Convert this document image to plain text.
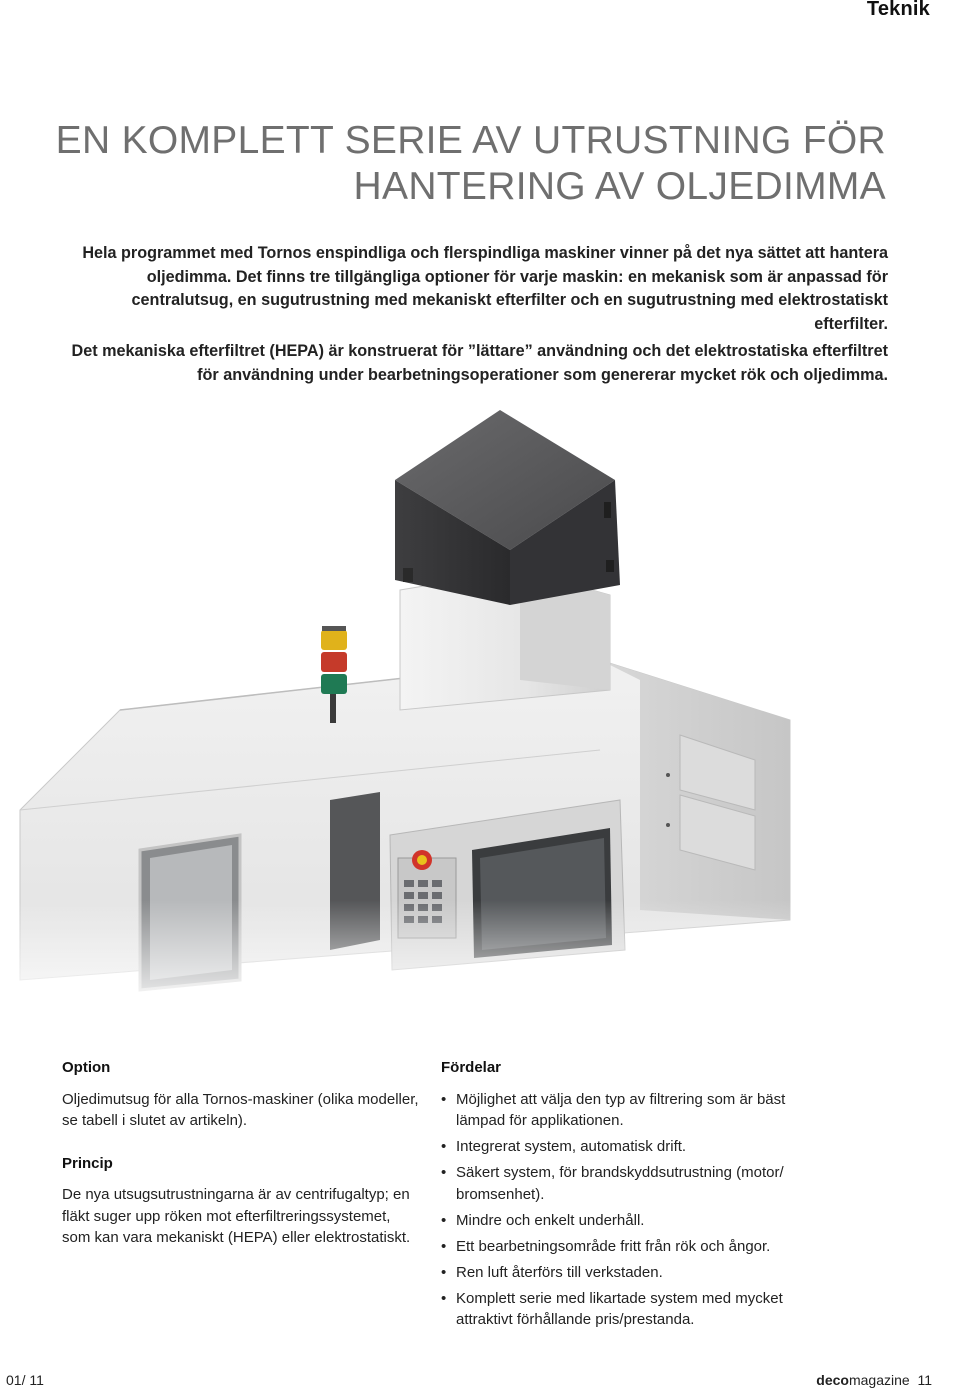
Teknik
EN KOMPLETT SERIE AV UTRUSTNING FÖR
HANTERING AV OLJEDIMMA

Hela programmet med Tornos enspindliga och flerspindliga maskiner vinner på det nya sättet att hantera oljedimma. Det finns tre tillgängliga optioner för varje maskin: en mekanisk som är anpassad för centralutsug, en sugutrustning med mekaniskt efterfilter och en sugutrustning med elektrostatiskt efterfilter.

Det mekaniska efterfiltret (HEPA) är konstruerat för ”lättare” användning och det elektrostatiska efterfiltret för användning under bearbetningsoperationer som genererar mycket rök och oljedimma.

Option

Oljedimutsug för alla Tornos-maskiner (olika modeller, se tabell i slutet av artikeln).

Princip

De nya utsugsutrustningarna är av centrifugaltyp; en fläkt suger upp röken mot efterfiltreringssystemet, som kan vara mekaniskt (HEPA) eller elektrostatiskt.

Fördelar
• Möjlighet att välja den typ av filtrering som är bäst lämpad för applikationen.
• Integrerat system, automatisk drift.
• Säkert system, för brandskyddsutrustning (motor/ bromsenhet).
• Mindre och enkelt underhåll.
• Ett bearbetningsområde fritt från rök och ångor.
• Ren luft återförs till verkstaden.
• Komplett serie med likartade system med mycket attraktivt förhållande pris/prestanda.
01/ 11	decomagazine 11
